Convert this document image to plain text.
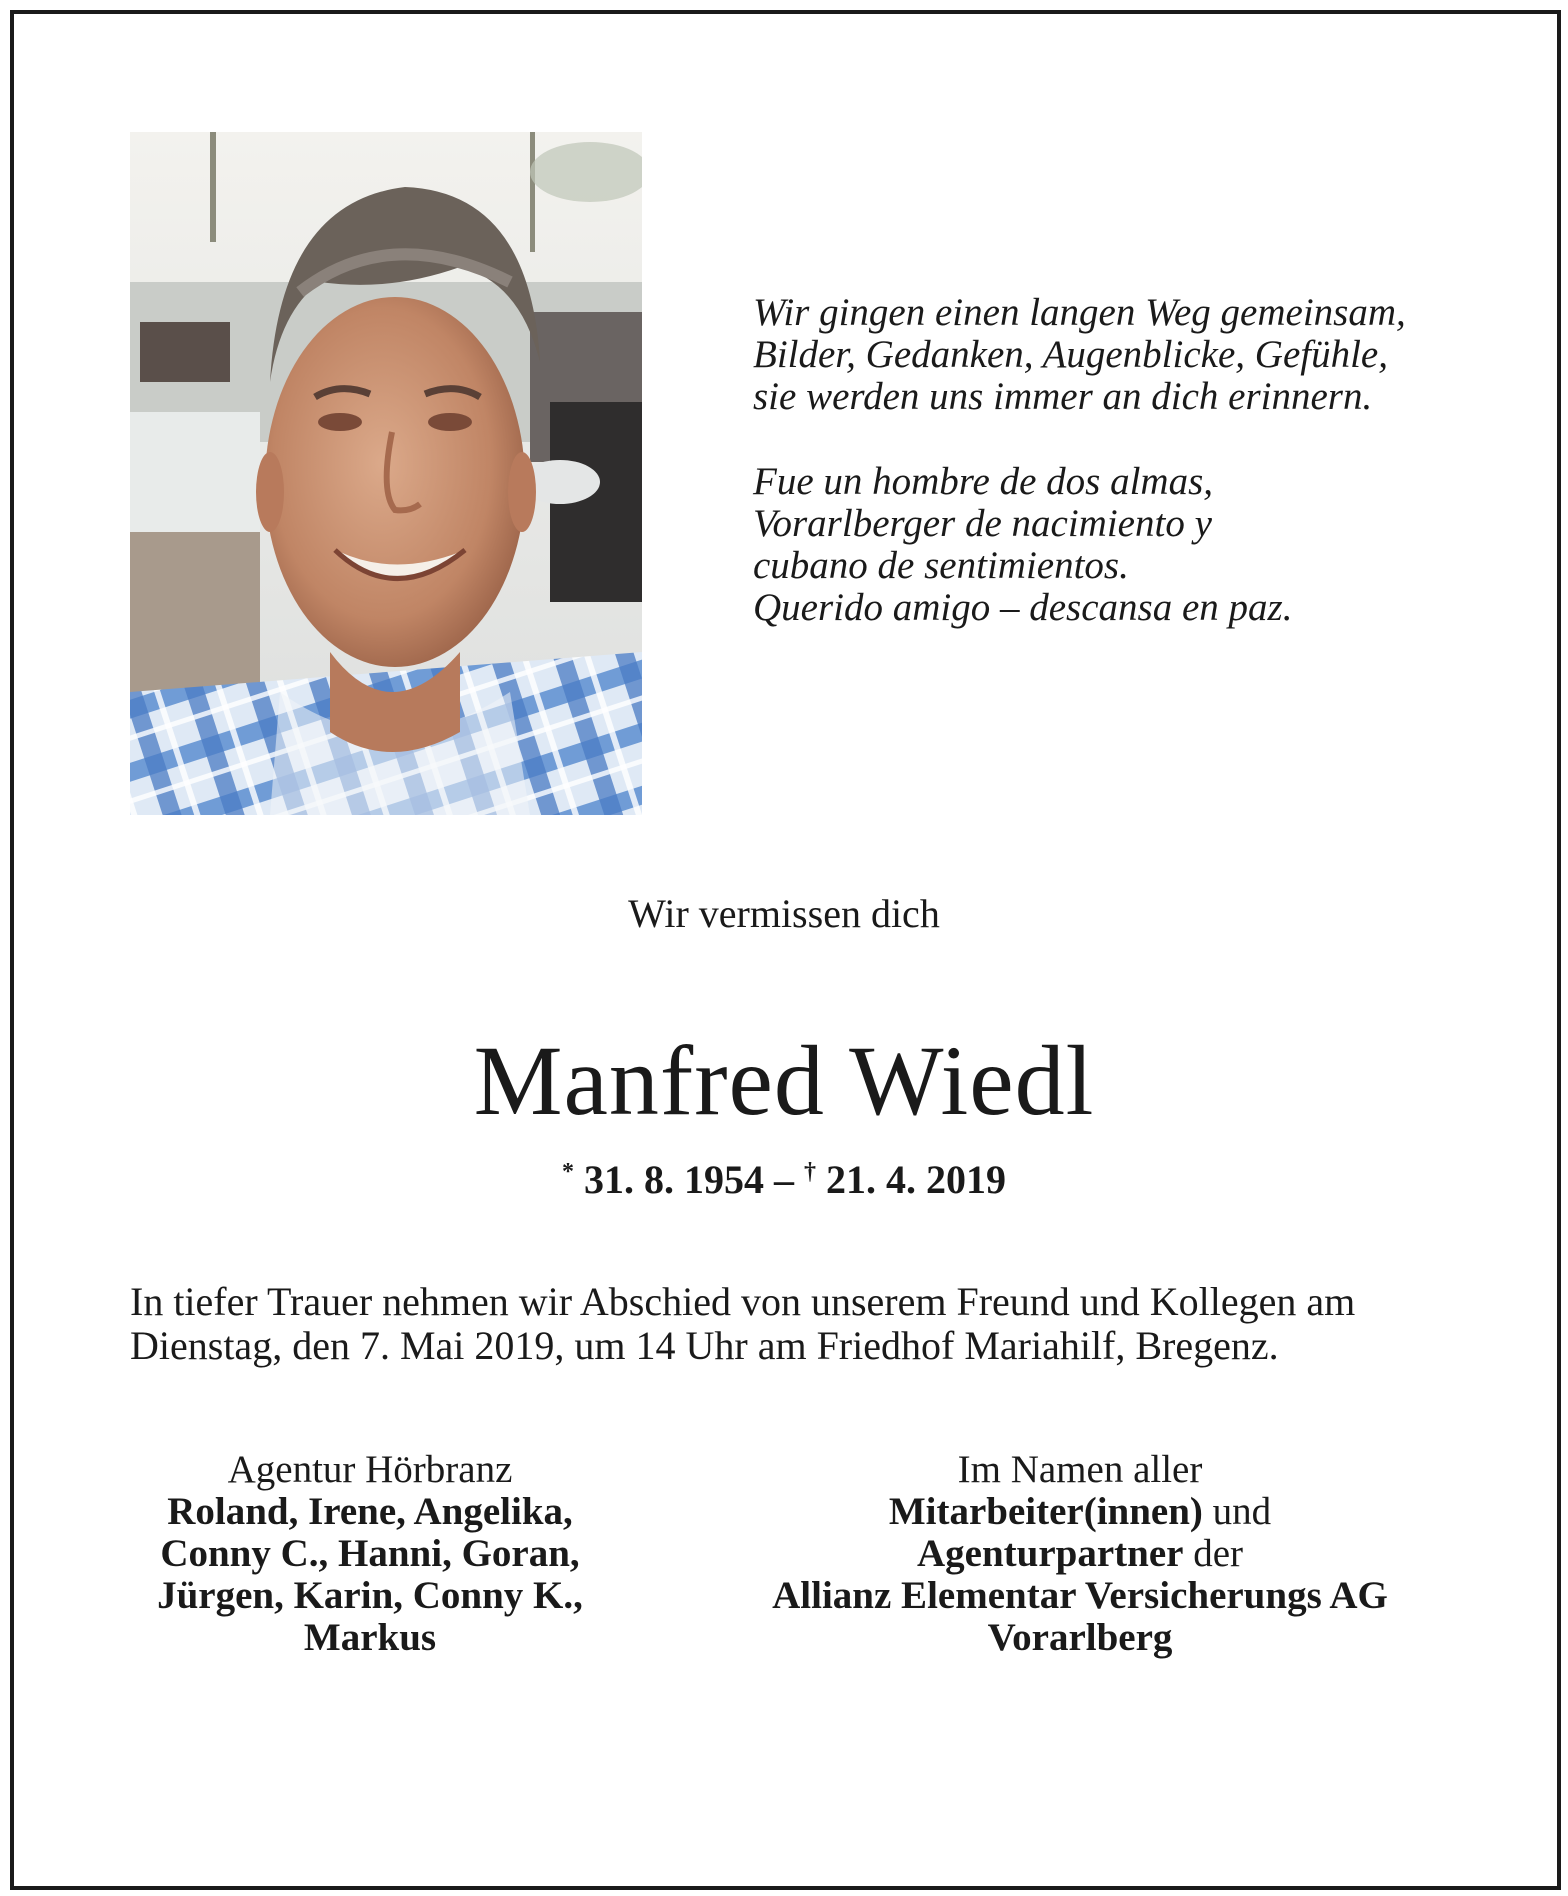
Wir gingen einen langen Weg gemeinsam,
Bilder, Gedanken, Augenblicke, Gefühle,
sie werden uns immer an dich erinnern.
Fue un hombre de dos almas,
Vorarlberger de nacimiento y
cubano de sentimientos.
Querido amigo – descansa en paz.
Wir vermissen dich
Manfred Wiedl
* 31. 8. 1954 – † 21. 4. 2019
In tiefer Trauer nehmen wir Abschied von unserem Freund und Kollegen am
Dienstag, den 7. Mai 2019, um 14 Uhr am Friedhof Mariahilf, Bregenz.
Agentur Hörbranz
Roland, Irene, Angelika,
Conny C., Hanni, Goran,
Jürgen, Karin, Conny K.,
Markus
Im Namen aller
Mitarbeiter(innen) und
Agenturpartner der
Allianz Elementar Versicherungs AG
Vorarlberg
